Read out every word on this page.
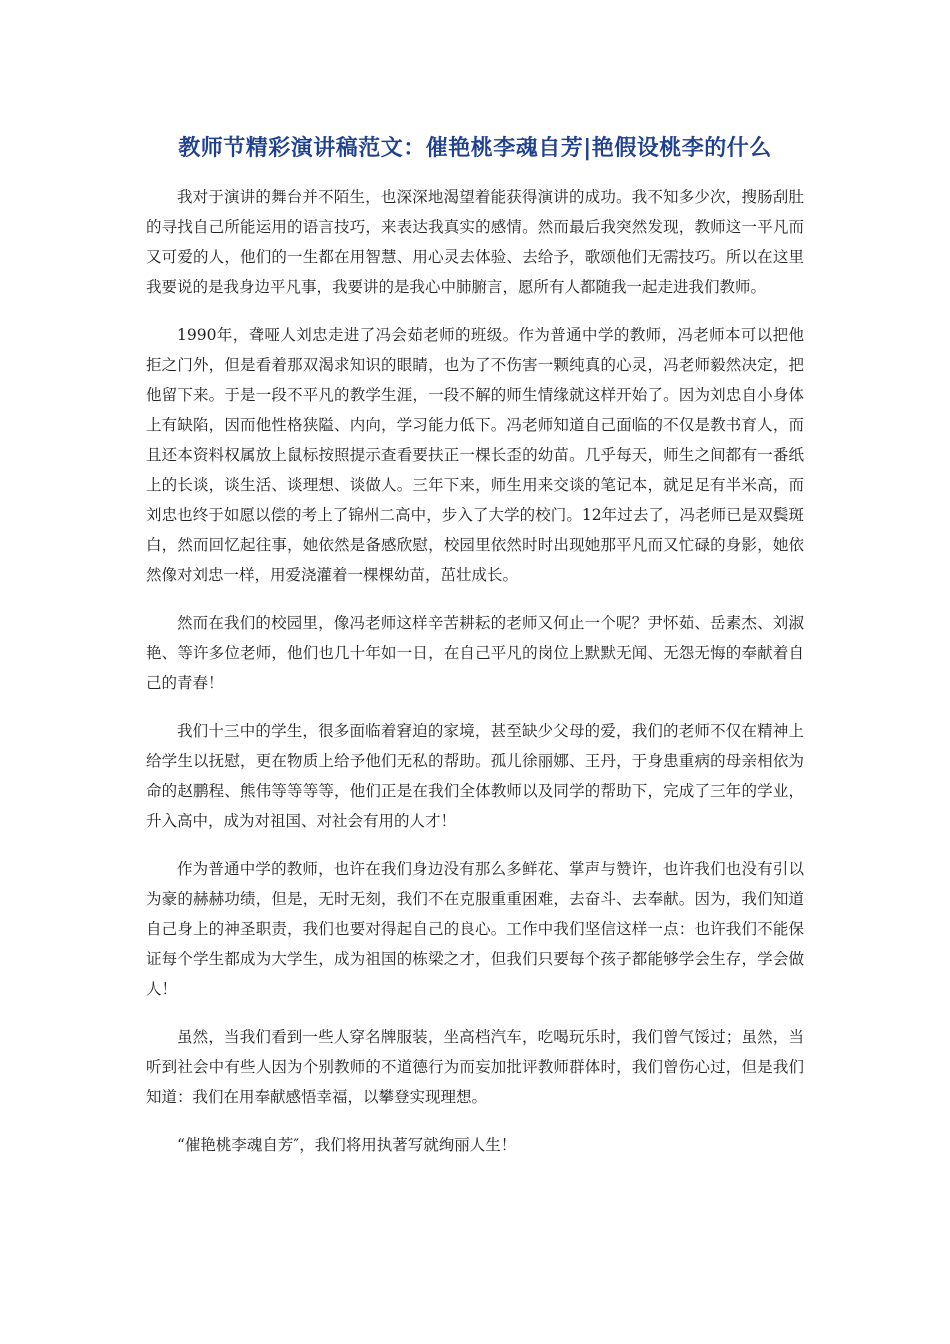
教师节精彩演讲稿范文：催艳桃李魂自芳|艳假设桃李的什么

我对于演讲的舞台并不陌生，也深深地渴望着能获得演讲的成功。我不知多少次，搜肠刮肚的寻找自己所能运用的语言技巧，来表达我真实的感情。然而最后我突然发现，教师这一平凡而又可爱的人，他们的一生都在用智慧、用心灵去体验、去给予，歌颂他们无需技巧。所以在这里我要说的是我身边平凡事，我要讲的是我心中肺腑言，愿所有人都随我一起走进我们教师。

1990年，聋哑人刘忠走进了冯会茹老师的班级。作为普通中学的教师，冯老师本可以把他拒之门外，但是看着那双渴求知识的眼睛，也为了不伤害一颗纯真的心灵，冯老师毅然决定，把他留下来。于是一段不平凡的教学生涯，一段不解的师生情缘就这样开始了。因为刘忠自小身体上有缺陷，因而他性格狭隘、内向，学习能力低下。冯老师知道自己面临的不仅是教书育人，而且还本资料权属放上鼠标按照提示查看要扶正一棵长歪的幼苗。几乎每天，师生之间都有一番纸上的长谈，谈生活、谈理想、谈做人。三年下来，师生用来交谈的笔记本，就足足有半米高，而刘忠也终于如愿以偿的考上了锦州二高中，步入了大学的校门。12年过去了，冯老师已是双鬓斑白，然而回忆起往事，她依然是备感欣慰，校园里依然时时出现她那平凡而又忙碌的身影，她依然像对刘忠一样，用爱浇灌着一棵棵幼苗，茁壮成长。

然而在我们的校园里，像冯老师这样辛苦耕耘的老师又何止一个呢？尹怀茹、岳素杰、刘淑艳、等许多位老师，他们也几十年如一日，在自己平凡的岗位上默默无闻、无怨无悔的奉献着自己的青春！

我们十三中的学生，很多面临着窘迫的家境，甚至缺少父母的爱，我们的老师不仅在精神上给学生以抚慰，更在物质上给予他们无私的帮助。孤儿徐丽娜、王丹，于身患重病的母亲相依为命的赵鹏程、熊伟等等等等，他们正是在我们全体教师以及同学的帮助下，完成了三年的学业，升入高中，成为对祖国、对社会有用的人才！

作为普通中学的教师，也许在我们身边没有那么多鲜花、掌声与赞许，也许我们也没有引以为豪的赫赫功绩，但是，无时无刻，我们不在克服重重困难，去奋斗、去奉献。因为，我们知道自己身上的神圣职责，我们也要对得起自己的良心。工作中我们坚信这样一点：也许我们不能保证每个学生都成为大学生，成为祖国的栋梁之才，但我们只要每个孩子都能够学会生存，学会做人！

虽然，当我们看到一些人穿名牌服装，坐高档汽车，吃喝玩乐时，我们曾气馁过；虽然，当听到社会中有些人因为个别教师的不道德行为而妄加批评教师群体时，我们曾伤心过，但是我们知道：我们在用奉献感悟幸福，以攀登实现理想。

“催艳桃李魂自芳″，我们将用执著写就绚丽人生！
